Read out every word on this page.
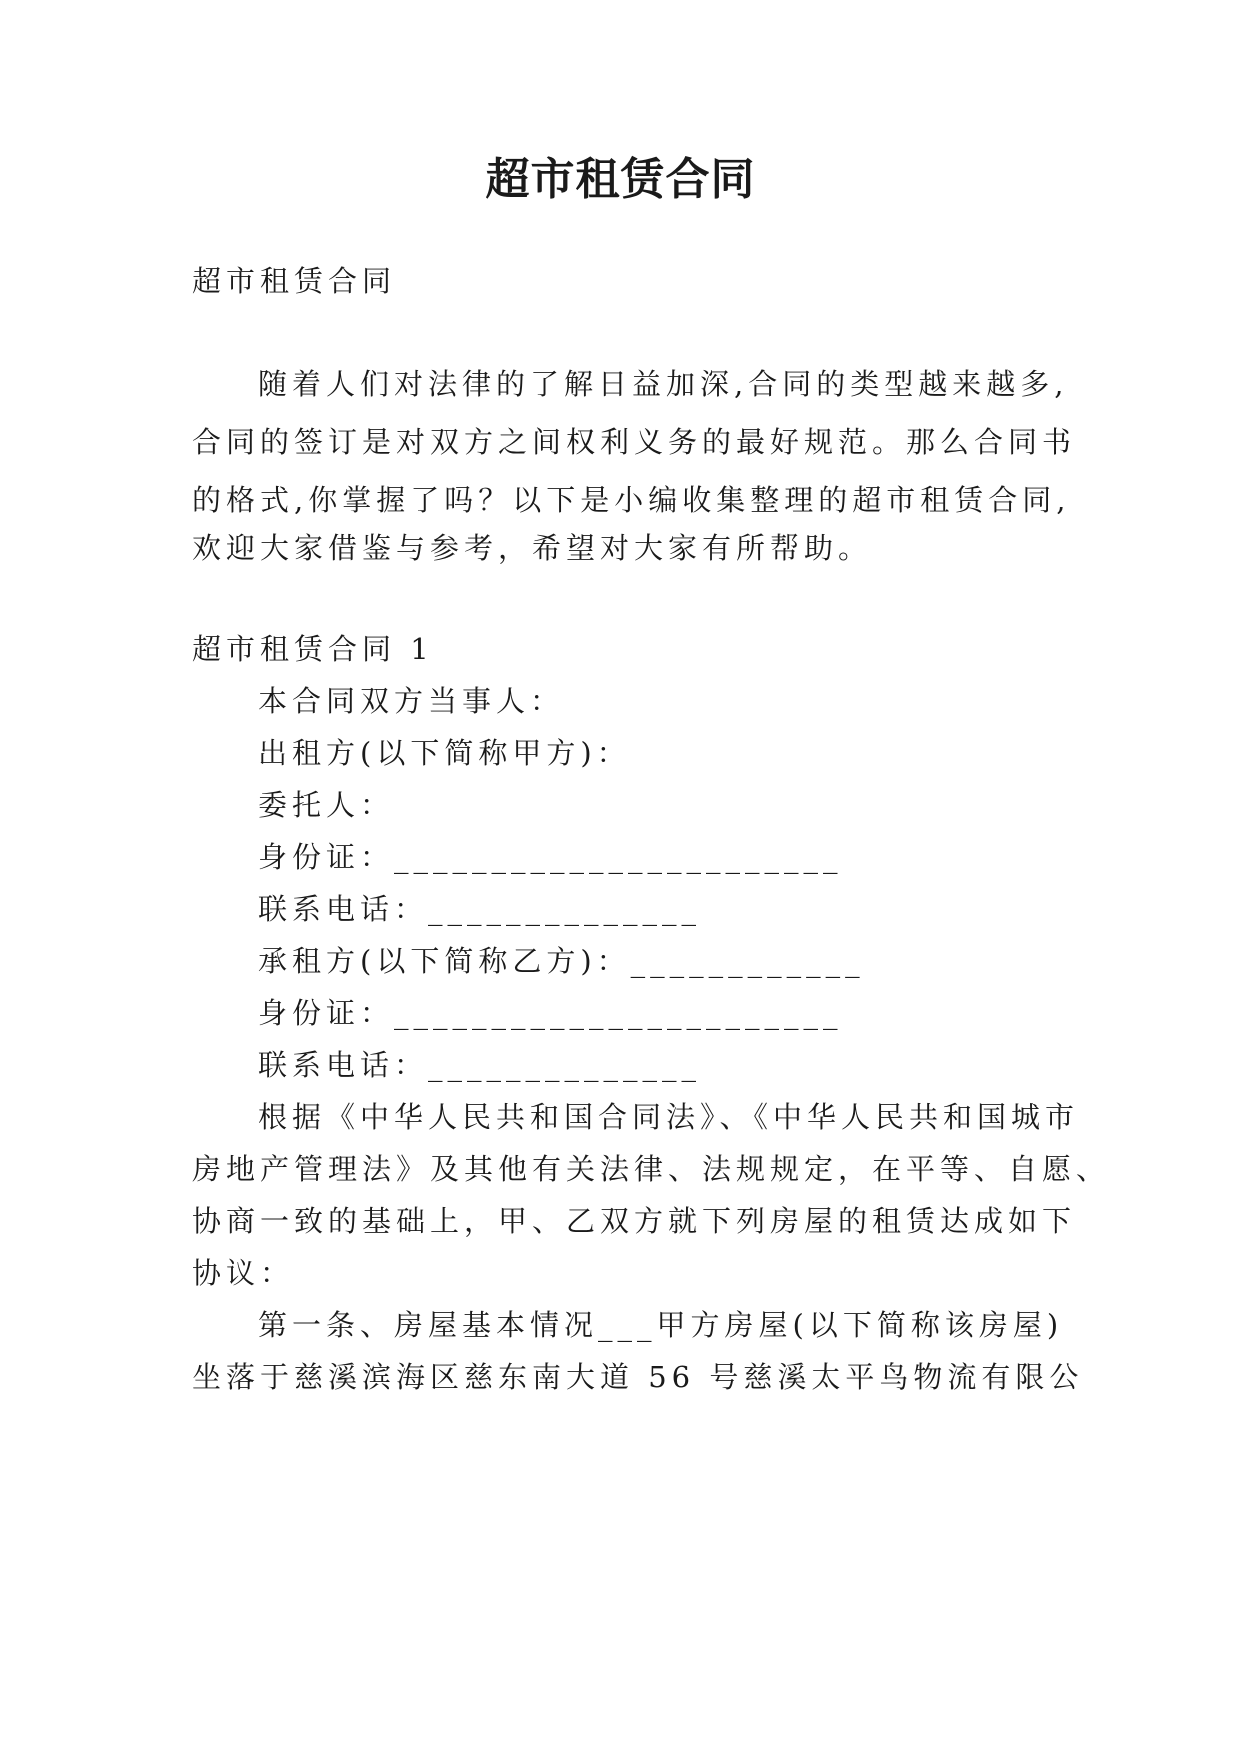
超市租赁合同
超市租赁合同
随着人们对法律的了解日益加深,合同的类型越来越多,
合同的签订是对双方之间权利义务的最好规范。那么合同书
的格式,你掌握了吗？以下是小编收集整理的超市租赁合同,
欢迎大家借鉴与参考，希望对大家有所帮助。
超市租赁合同 1
本合同双方当事人：
出租方(以下简称甲方)：
委托人：
身份证：_______________________
联系电话：______________
承租方(以下简称乙方)：____________
身份证：_______________________
联系电话：______________
根据《中华人民共和国合同法》、《中华人民共和国城市
房地产管理法》及其他有关法律、法规规定，在平等、自愿、
协商一致的基础上，甲、乙双方就下列房屋的租赁达成如下
协议：
第一条、房屋基本情况___甲方房屋(以下简称该房屋)
坐落于慈溪滨海区慈东南大道 56 号慈溪太平鸟物流有限公
